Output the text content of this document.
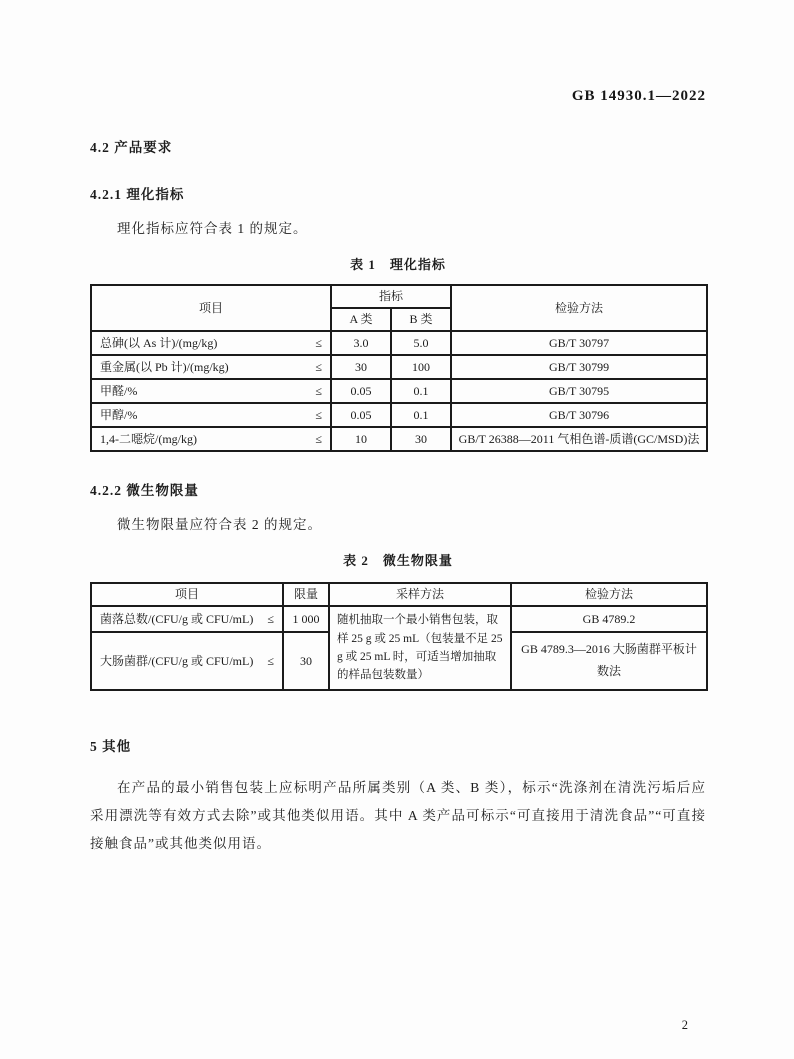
GB 14930.1—2022
4.2 产品要求
4.2.1 理化指标
理化指标应符合表 1 的规定。
表 1　理化指标
项目	指标		检验方法
	A 类	B 类	

总砷(以 As 计)/(mg/kg) ≤	3.0	5.0	GB/T 30797

重金属(以 Pb 计)/(mg/kg) ≤	30	100	GB/T 30799

甲醛/% ≤	0.05	0.1	GB/T 30795

甲醇/% ≤	0.05	0.1	GB/T 30796

1,4-二噁烷/(mg/kg) ≤	10	30	GB/T 26388—2011 气相色谱-质谱(GC/MSD)法
4.2.2 微生物限量
微生物限量应符合表 2 的规定。
表 2　微生物限量
项目	限量	采样方法	检验方法

菌落总数/(CFU/g 或 CFU/mL) ≤	1 000	随机抽取一个最小销售包装，取样 25 g 或 25 mL（包装量不足 25 g 或 25 mL 时，可适当增加抽取的样品包装数量）	GB 4789.2

大肠菌群/(CFU/g 或 CFU/mL) ≤	30		GB 4789.3—2016 大肠菌群平板计数法
5 其他
在产品的最小销售包装上应标明产品所属类别（A 类、B 类），标示“洗涤剂在清洗污垢后应采用漂洗等有效方式去除”或其他类似用语。其中 A 类产品可标示“可直接用于清洗食品”“可直接接触食品”或其他类似用语。
2
